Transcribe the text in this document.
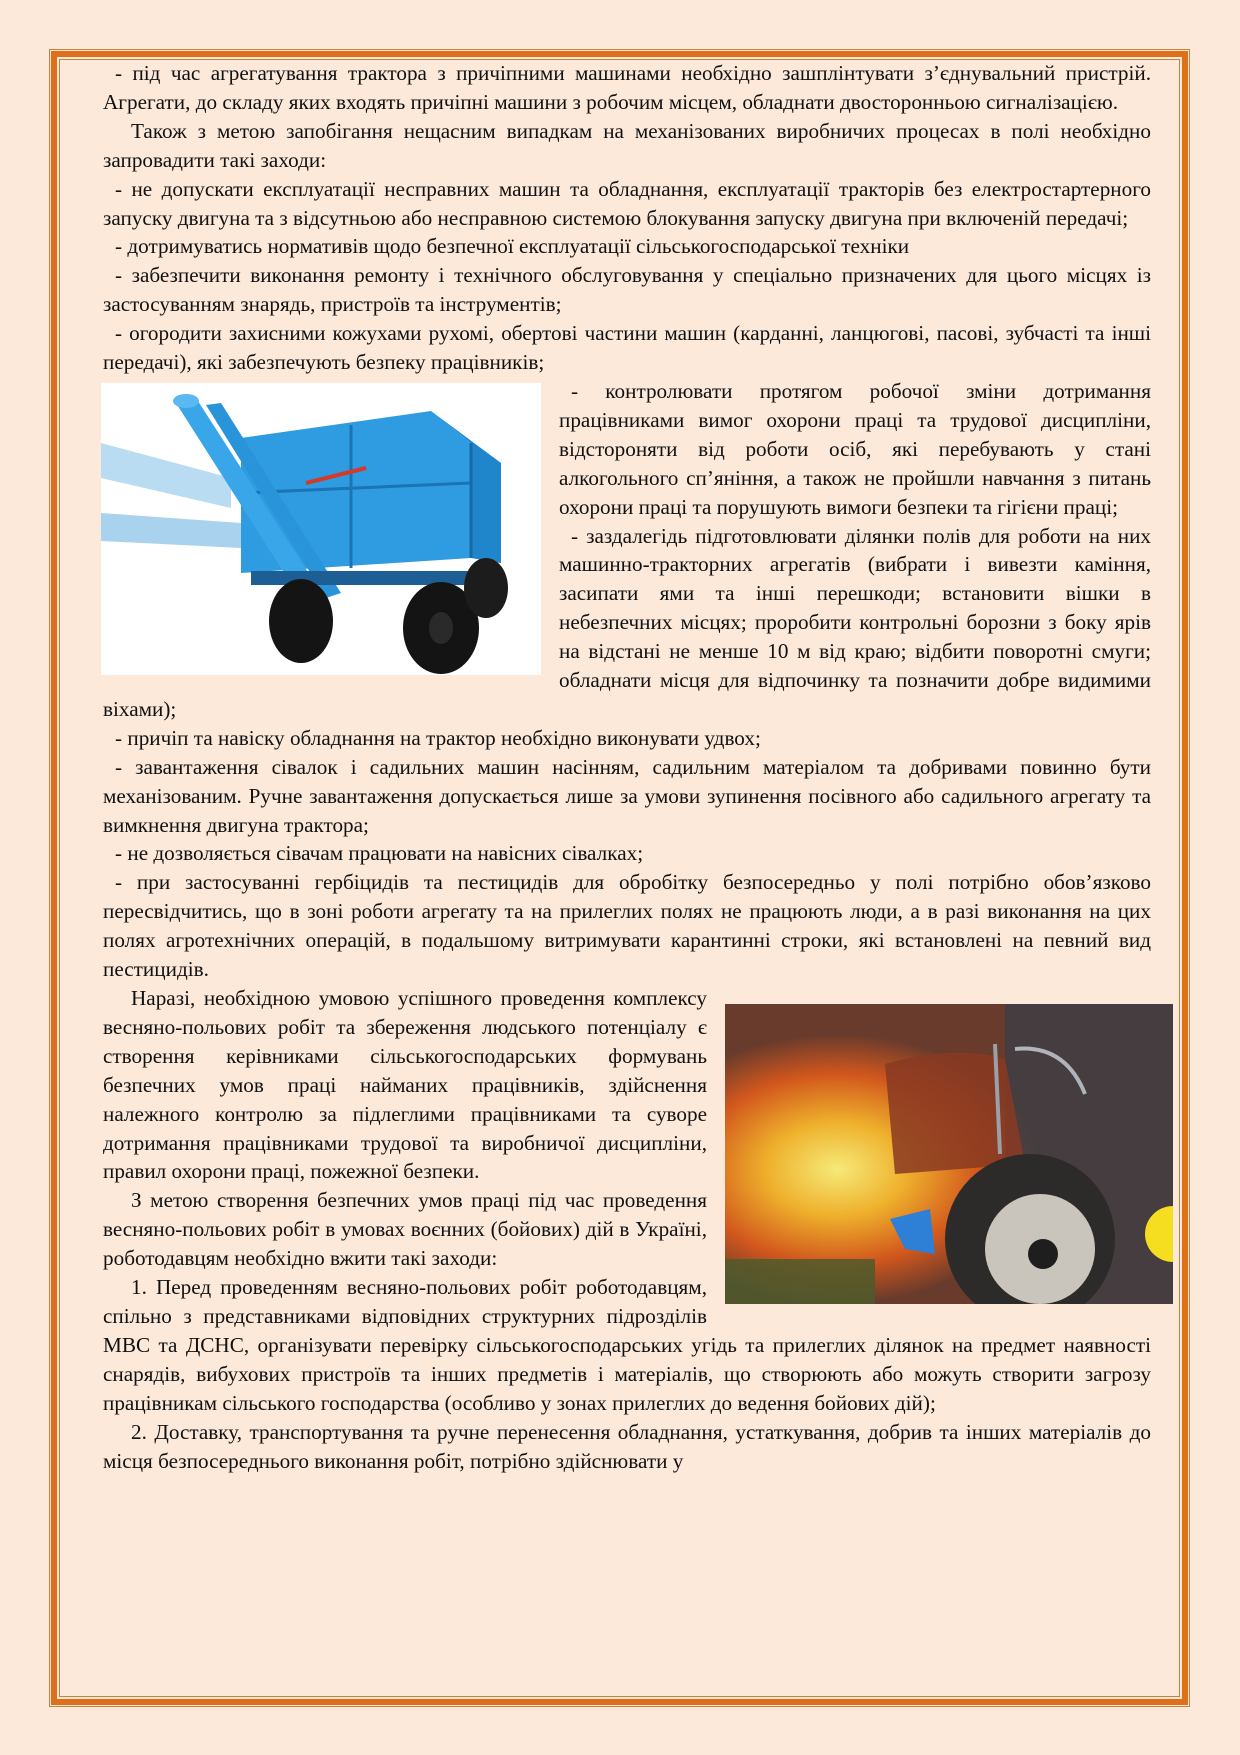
- під час агрегатування трактора з причіпними машинами необхідно зашплінтувати з’єднувальний пристрій. Агрегати, до складу яких входять причіпні машини з робочим місцем, обладнати двосторонньою сигналізацією.

Також з метою запобігання нещасним випадкам на механізованих виробничих процесах в полі необхідно запровадити такі заходи:

- не допускати експлуатації несправних машин та обладнання, експлуатації тракторів без електростартерного запуску двигуна та з відсутньою або несправною системою блокування запуску двигуна при включеній передачі;

- дотримуватись нормативів щодо безпечної експлуатації сільськогосподарської техніки

- забезпечити виконання ремонту і технічного обслуговування у спеціально призначених для цього місцях із застосуванням знарядь, пристроїв та інструментів;

- огородити захисними кожухами рухомі, обертові частини машин (карданні, ланцюгові, пасові, зубчасті та інші передачі), які забезпечують безпеку працівників;

- контролювати протягом робочої зміни дотримання працівниками вимог охорони праці та трудової дисципліни, відстороняти від роботи осіб, які перебувають у стані алкогольного сп’яніння, а також не пройшли навчання з питань охорони праці та порушують вимоги безпеки та гігієни праці;

- заздалегідь підготовлювати ділянки полів для роботи на них машинно-тракторних агрегатів (вибрати і вивезти каміння, засипати ями та інші перешкоди; встановити вішки в небезпечних місцях; проробити контрольні борозни з боку ярів на відстані не менше 10 м від краю; відбити поворотні смуги; обладнати місця для відпочинку та позначити добре видимими віхами);

- причіп та навіску обладнання на трактор необхідно виконувати удвох;

- завантаження сівалок і садильних машин насінням, садильним матеріалом та добривами повинно бути механізованим. Ручне завантаження допускається лише за умови зупинення посівного або садильного агрегату та вимкнення двигуна трактора;

- не дозволяється сівачам працювати на навісних сівалках;

- при застосуванні гербіцидів та пестицидів для обробітку безпосередньо у полі потрібно обов’язково пересвідчитись, що в зоні роботи агрегату та на прилеглих полях не працюють люди, а в разі виконання на цих полях агротехнічних операцій, в подальшому витримувати карантинні строки, які встановлені на певний вид пестицидів.

Наразі, необхідною умовою успішного проведення комплексу весняно-польових робіт та збереження людського потенціалу є створення керівниками сільськогосподарських формувань безпечних умов праці найманих працівників, здійснення належного контролю за підлеглими працівниками та суворе дотримання працівниками трудової та виробничої дисципліни, правил охорони праці, пожежної безпеки.

З метою створення безпечних умов праці під час проведення весняно-польових робіт в умовах воєнних (бойових) дій в Україні, роботодавцям необхідно вжити такі заходи:

1. Перед проведенням весняно-польових робіт роботодавцям, спільно з представниками відповідних структурних підрозділів МВС та ДСНС, організувати перевірку сільськогосподарських угідь та прилеглих ділянок на предмет наявності снарядів, вибухових пристроїв та інших предметів і матеріалів, що створюють або можуть створити загрозу працівникам сільського господарства (особливо у зонах прилеглих до ведення бойових дій);

2. Доставку, транспортування та ручне перенесення обладнання, устаткування, добрив та інших матеріалів до місця безпосереднього виконання робіт, потрібно здійснювати у
